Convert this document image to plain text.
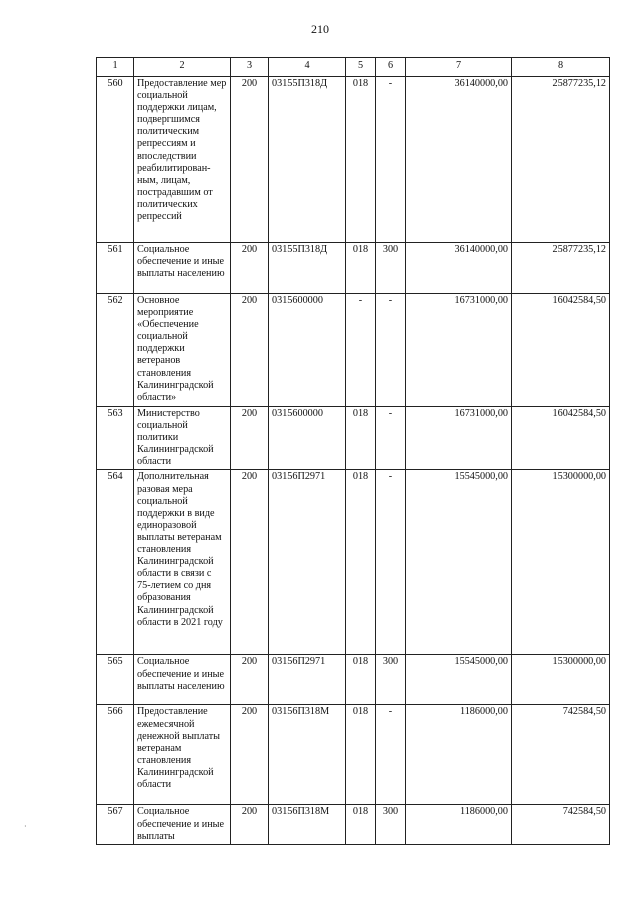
210
1	2	3	4	5	6	7	8
560	Предоставление мер социальной поддержки лицам, подвергшимся политическим репрессиям и впоследствии реабилитирован-ным, лицам, пострадавшим от политических репрессий	200	03155П318Д	018	-	36140000,00	25877235,12
561	Социальное обеспечение и иные выплаты населению	200	03155П318Д	018	300	36140000,00	25877235,12
562	Основное мероприятие «Обеспечение социальной поддержки ветеранов становления Калининградской области»	200	0315600000	-	-	16731000,00	16042584,50
563	Министерство социальной политики Калининградской области	200	0315600000	018	-	16731000,00	16042584,50
564	Дополнительная разовая мера социальной поддержки в виде единоразовой выплаты ветеранам становления Калининградской области в связи с 75-летием со дня образования Калининградской области в 2021 году	200	03156П2971	018	-	15545000,00	15300000,00
565	Социальное обеспечение и иные выплаты населению	200	03156П2971	018	300	15545000,00	15300000,00
566	Предоставление ежемесячной денежной выплаты ветеранам становления Калининградской области	200	03156П318М	018	-	1186000,00	742584,50
567	Социальное обеспечение и иные выплаты	200	03156П318М	018	300	1186000,00	742584,50
·
